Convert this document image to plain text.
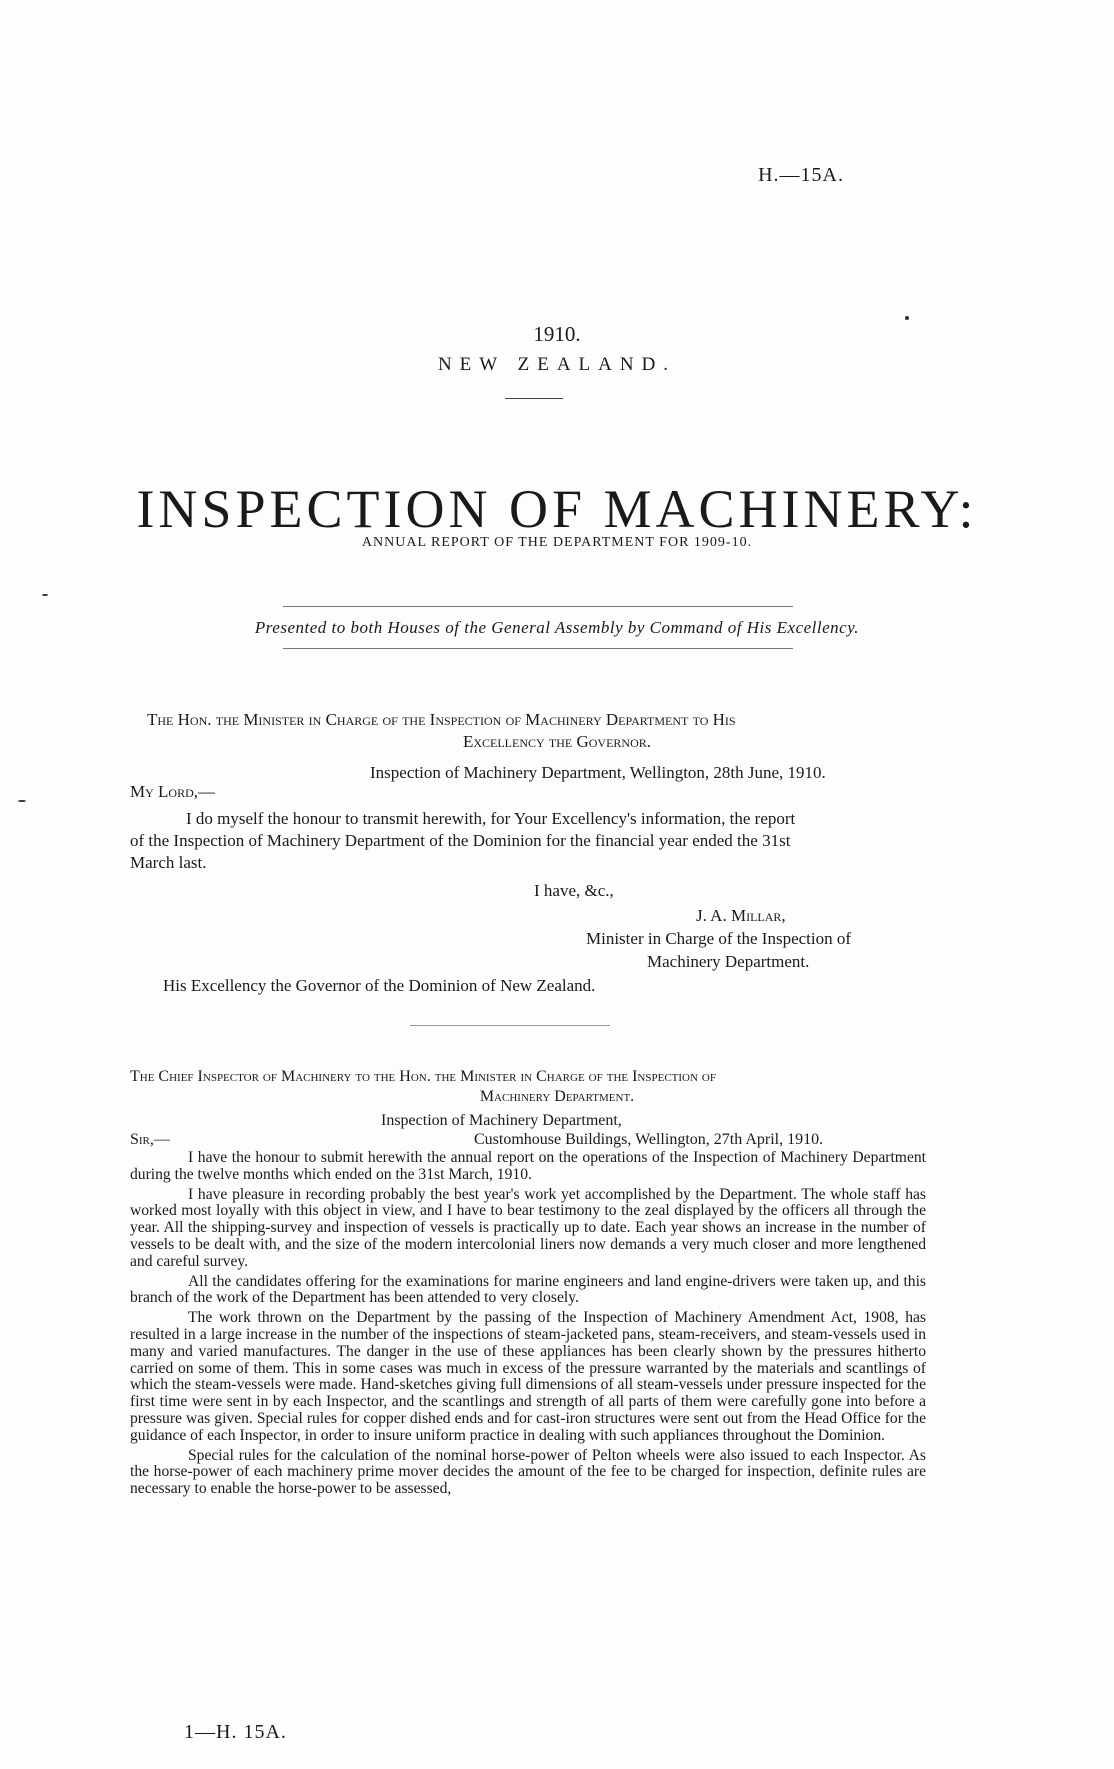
H.—15A.
1910.
NEW ZEALAND.
INSPECTION OF MACHINERY:
ANNUAL REPORT OF THE DEPARTMENT FOR 1909-10.
Presented to both Houses of the General Assembly by Command of His Excellency.
The Hon. the Minister in Charge of the Inspection of Machinery Department to His
Excellency the Governor.
Inspection of Machinery Department, Wellington, 28th June, 1910.
My Lord,—
I do myself the honour to transmit herewith, for Your Excellency's information, the report
of the Inspection of Machinery Department of the Dominion for the financial year ended the 31st
March last.
I have, &c.,
J. A. Millar,
Minister in Charge of the Inspection of
Machinery Department.
His Excellency the Governor of the Dominion of New Zealand.
The Chief Inspector of Machinery to the Hon. the Minister in Charge of the Inspection of
Machinery Department.
Inspection of Machinery Department,
Sir,—	Customhouse Buildings, Wellington, 27th April, 1910.

I have the honour to submit herewith the annual report on the operations of the Inspection of Machinery Department during the twelve months which ended on the 31st March, 1910.

I have pleasure in recording probably the best year's work yet accomplished by the Department. The whole staff has worked most loyally with this object in view, and I have to bear testimony to the zeal displayed by the officers all through the year. All the shipping-survey and inspection of vessels is practically up to date. Each year shows an increase in the number of vessels to be dealt with, and the size of the modern intercolonial liners now demands a very much closer and more lengthened and careful survey.

All the candidates offering for the examinations for marine engineers and land engine-drivers were taken up, and this branch of the work of the Department has been attended to very closely.

The work thrown on the Department by the passing of the Inspection of Machinery Amendment Act, 1908, has resulted in a large increase in the number of the inspections of steam-jacketed pans, steam-receivers, and steam-vessels used in many and varied manufactures. The danger in the use of these appliances has been clearly shown by the pressures hitherto carried on some of them. This in some cases was much in excess of the pressure warranted by the materials and scantlings of which the steam-vessels were made. Hand-sketches giving full dimensions of all steam-vessels under pressure inspected for the first time were sent in by each Inspector, and the scantlings and strength of all parts of them were carefully gone into before a pressure was given. Special rules for copper dished ends and for cast-iron structures were sent out from the Head Office for the guidance of each Inspector, in order to insure uniform practice in dealing with such appliances throughout the Dominion.

Special rules for the calculation of the nominal horse-power of Pelton wheels were also issued to each Inspector. As the horse-power of each machinery prime mover decides the amount of the fee to be charged for inspection, definite rules are necessary to enable the horse-power to be assessed,

1—H. 15A.
